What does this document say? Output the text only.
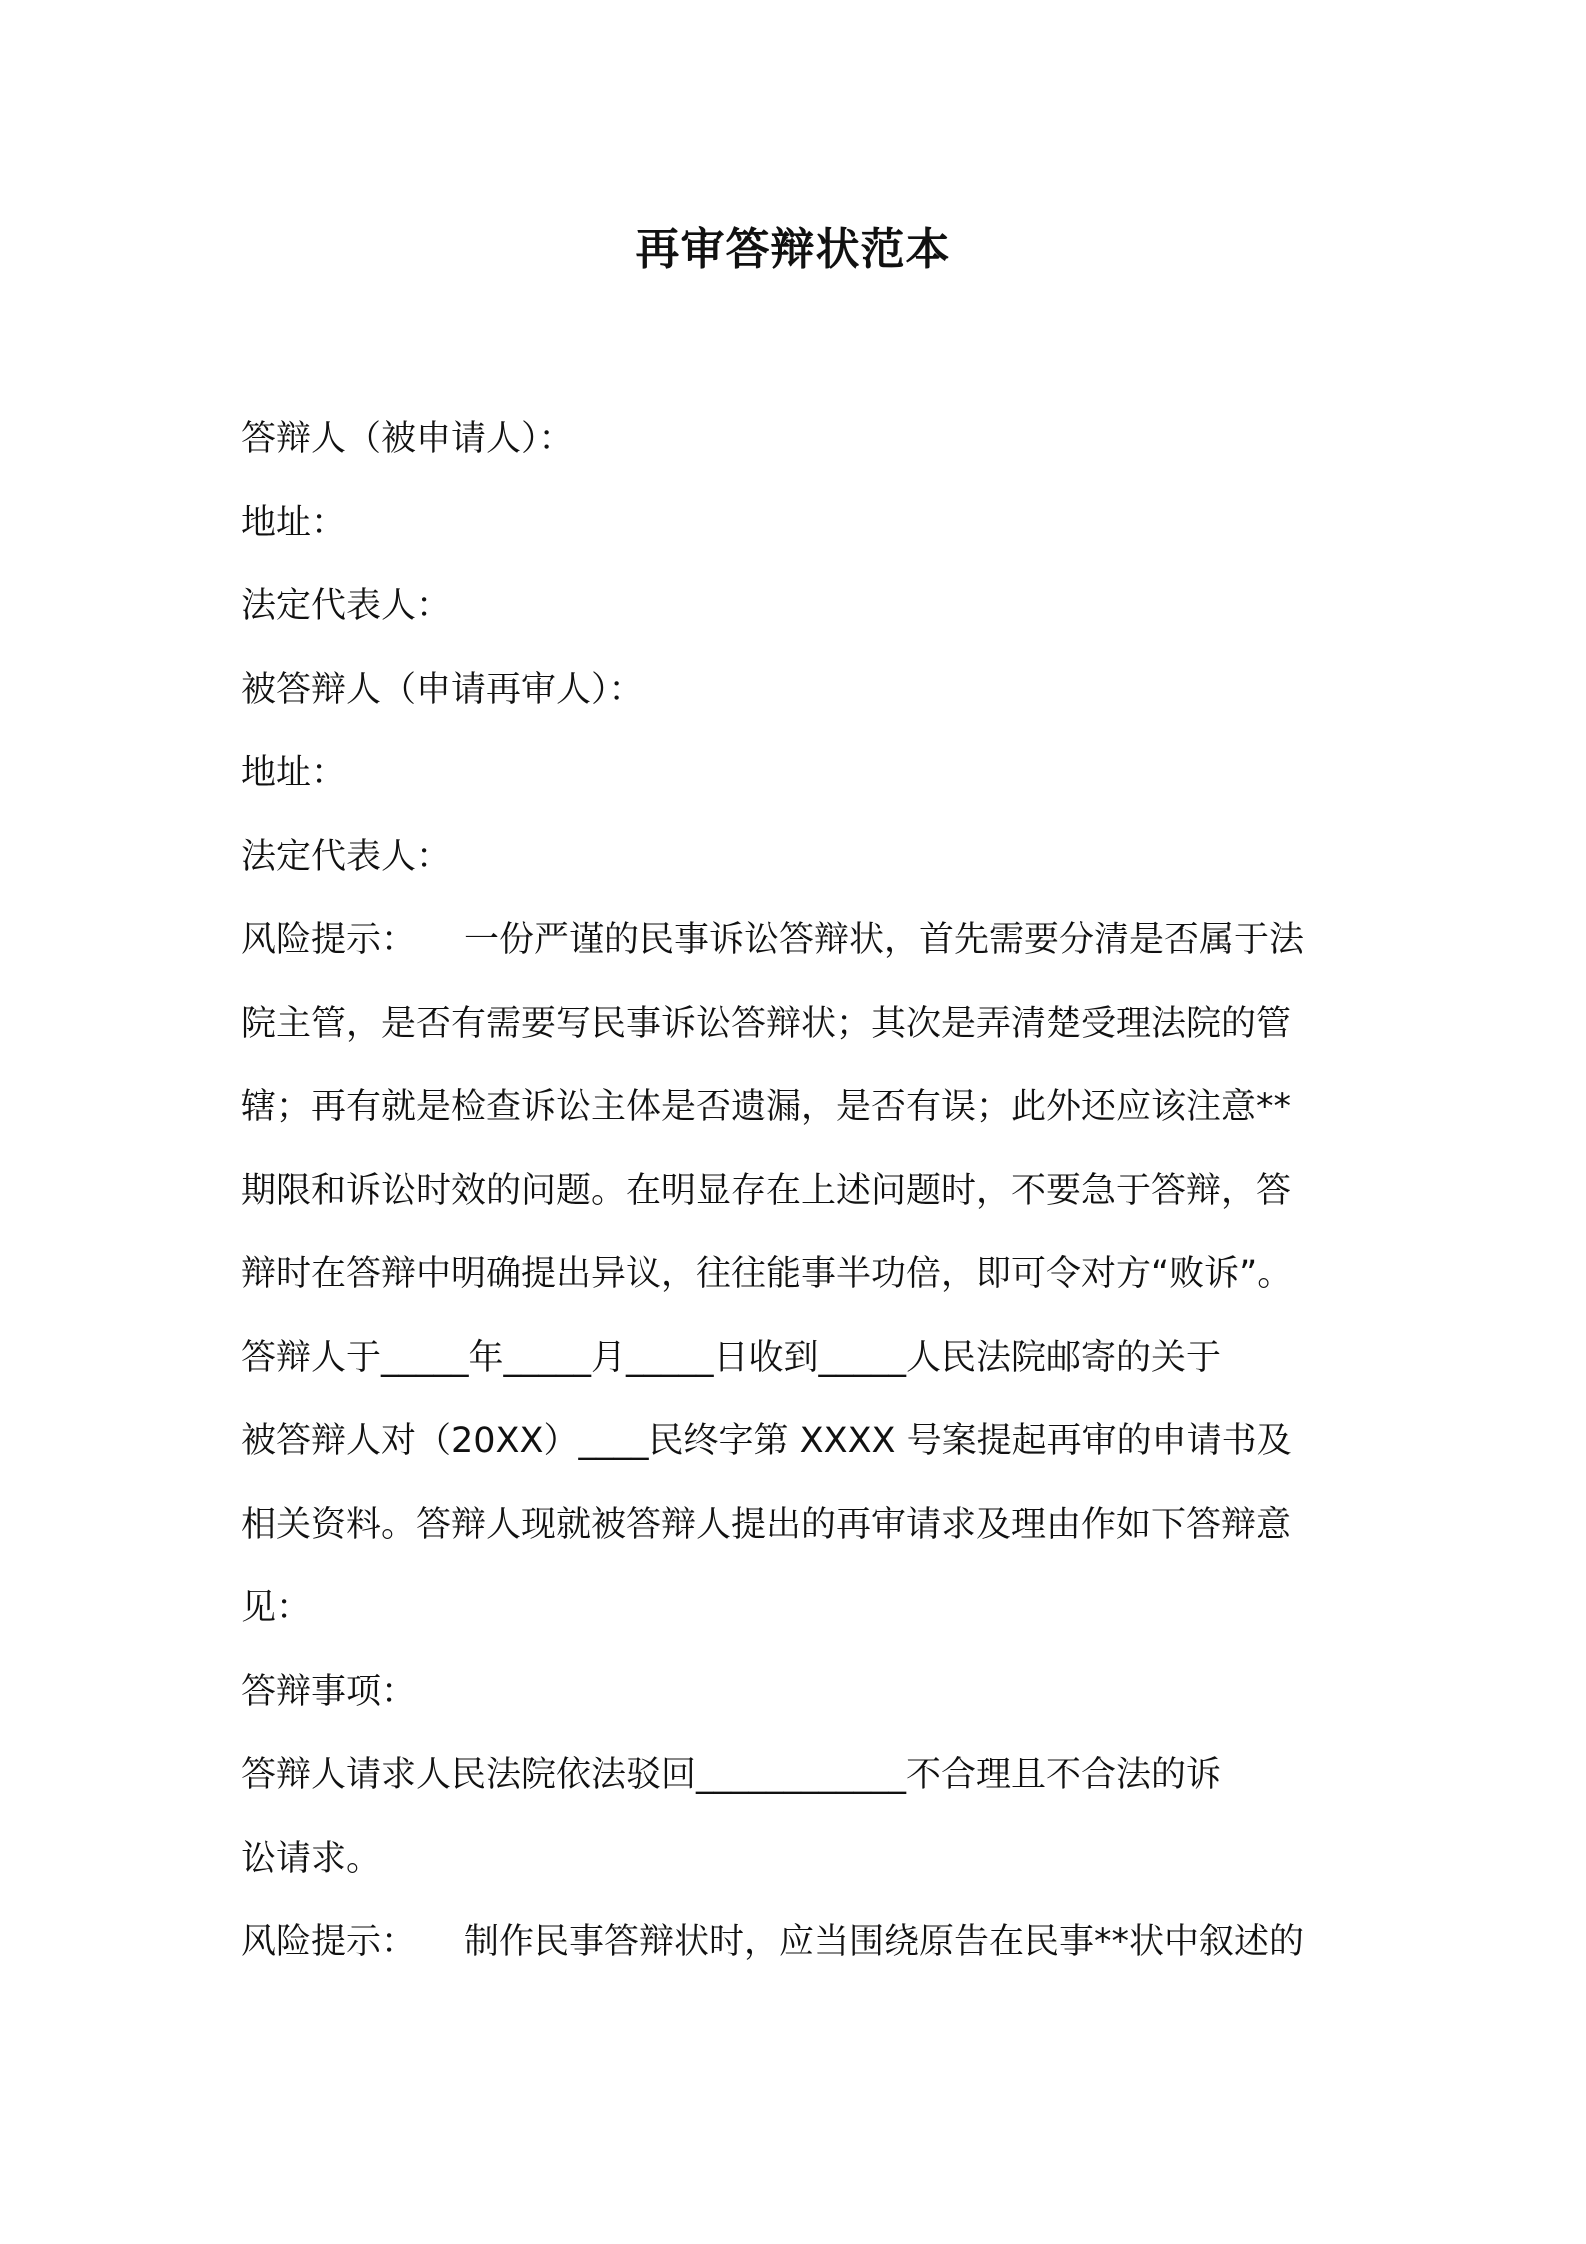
再审答辩状范本
答辩人（被申请人）：
地址：
法定代表人：
被答辩人（申请再审人）：
地址：
法定代表人：
风险提示： 一份严谨的民事诉讼答辩状，首先需要分清是否属于法
院主管，是否有需要写民事诉讼答辩状；其次是弄清楚受理法院的管
辖；再有就是检查诉讼主体是否遗漏，是否有误；此外还应该注意**
期限和诉讼时效的问题。在明显存在上述问题时，不要急于答辩，答
辩时在答辩中明确提出异议，往往能事半功倍，即可令对方“败诉”。
答辩人于_____年_____月_____日收到_____人民法院邮寄的关于
被答辩人对（20XX）____民终字第 XXXX 号案提起再审的申请书及
相关资料。答辩人现就被答辩人提出的再审请求及理由作如下答辩意
见：
答辩事项：
答辩人请求人民法院依法驳回____________不合理且不合法的诉
讼请求。
风险提示： 制作民事答辩状时，应当围绕原告在民事**状中叙述的
